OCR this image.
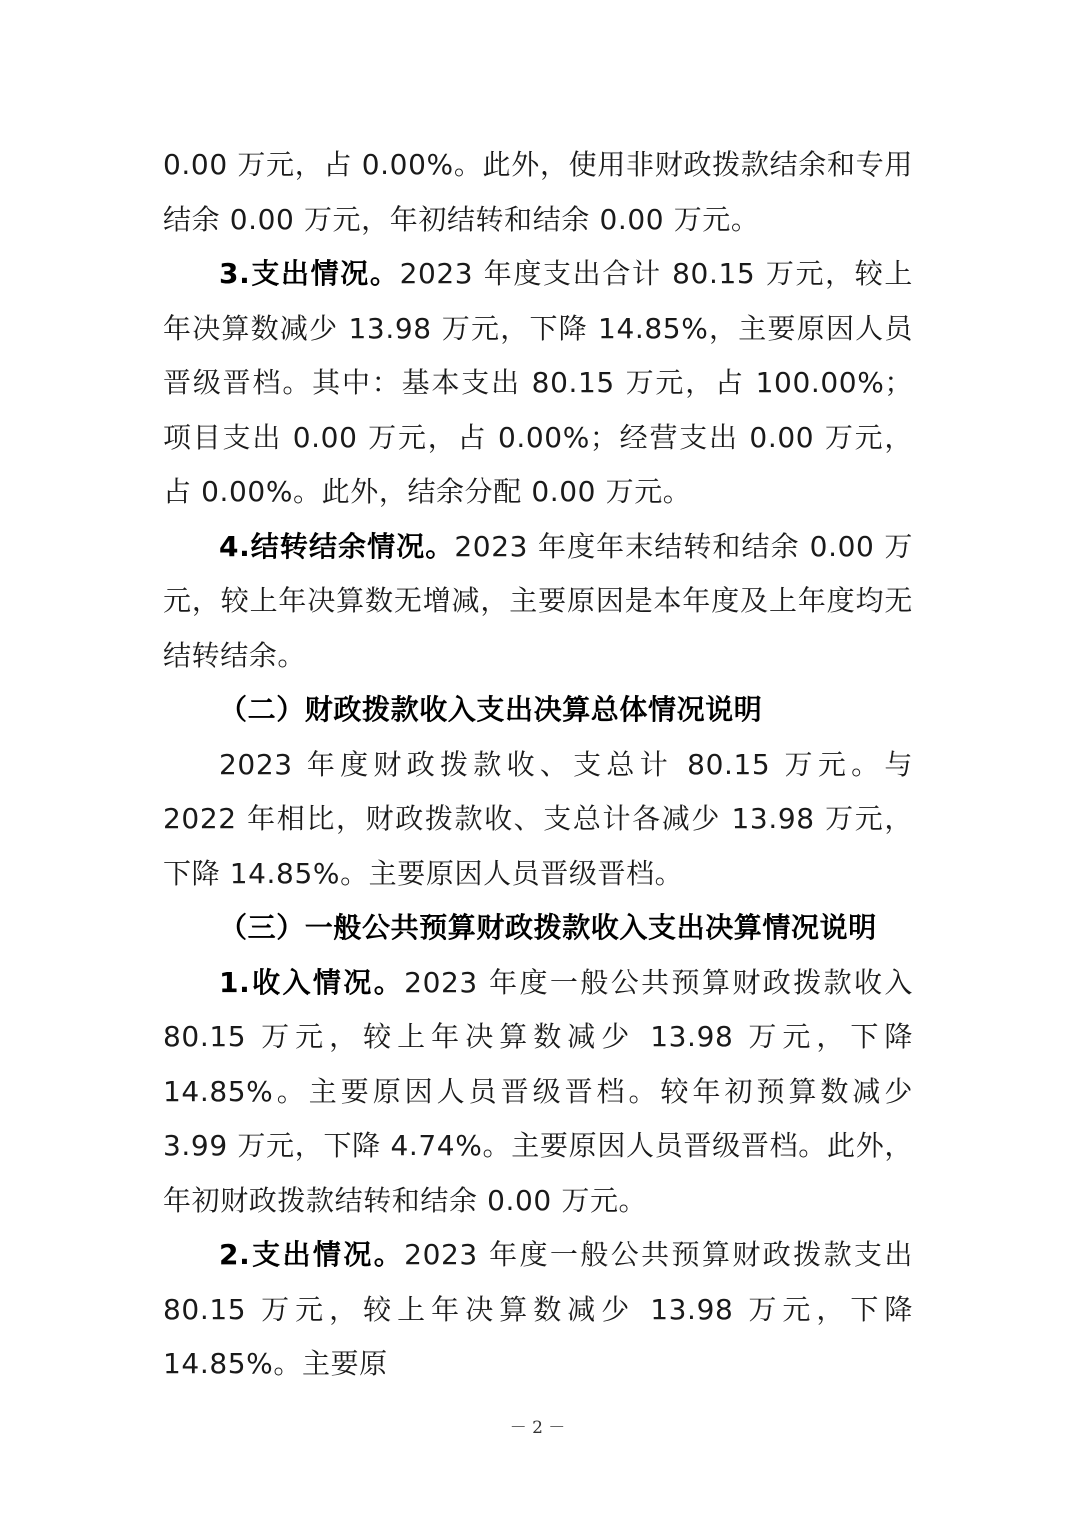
0.00 万元，占 0.00%。此外，使用非财政拨款结余和专用结余 0.00 万元，年初结转和结余 0.00 万元。

3.支出情况。2023 年度支出合计 80.15 万元，较上年决算数减少 13.98 万元，下降 14.85%，主要原因人员晋级晋档。其中：基本支出 80.15 万元，占 100.00%；项目支出 0.00 万元，占 0.00%；经营支出 0.00 万元，占 0.00%。此外，结余分配 0.00 万元。

4.结转结余情况。2023 年度年末结转和结余 0.00 万元，较上年决算数无增减，主要原因是本年度及上年度均无结转结余。

（二）财政拨款收入支出决算总体情况说明

2023 年度财政拨款收、支总计 80.15 万元。与 2022 年相比，财政拨款收、支总计各减少 13.98 万元，下降 14.85%。主要原因人员晋级晋档。

（三）一般公共预算财政拨款收入支出决算情况说明

1.收入情况。2023 年度一般公共预算财政拨款收入 80.15 万元，较上年决算数减少 13.98 万元，下降 14.85%。主要原因人员晋级晋档。较年初预算数减少 3.99 万元，下降 4.74%。主要原因人员晋级晋档。此外，年初财政拨款结转和结余 0.00 万元。

2.支出情况。2023 年度一般公共预算财政拨款支出 80.15 万元，较上年决算数减少 13.98 万元，下降 14.85%。主要原

－ 2 －
